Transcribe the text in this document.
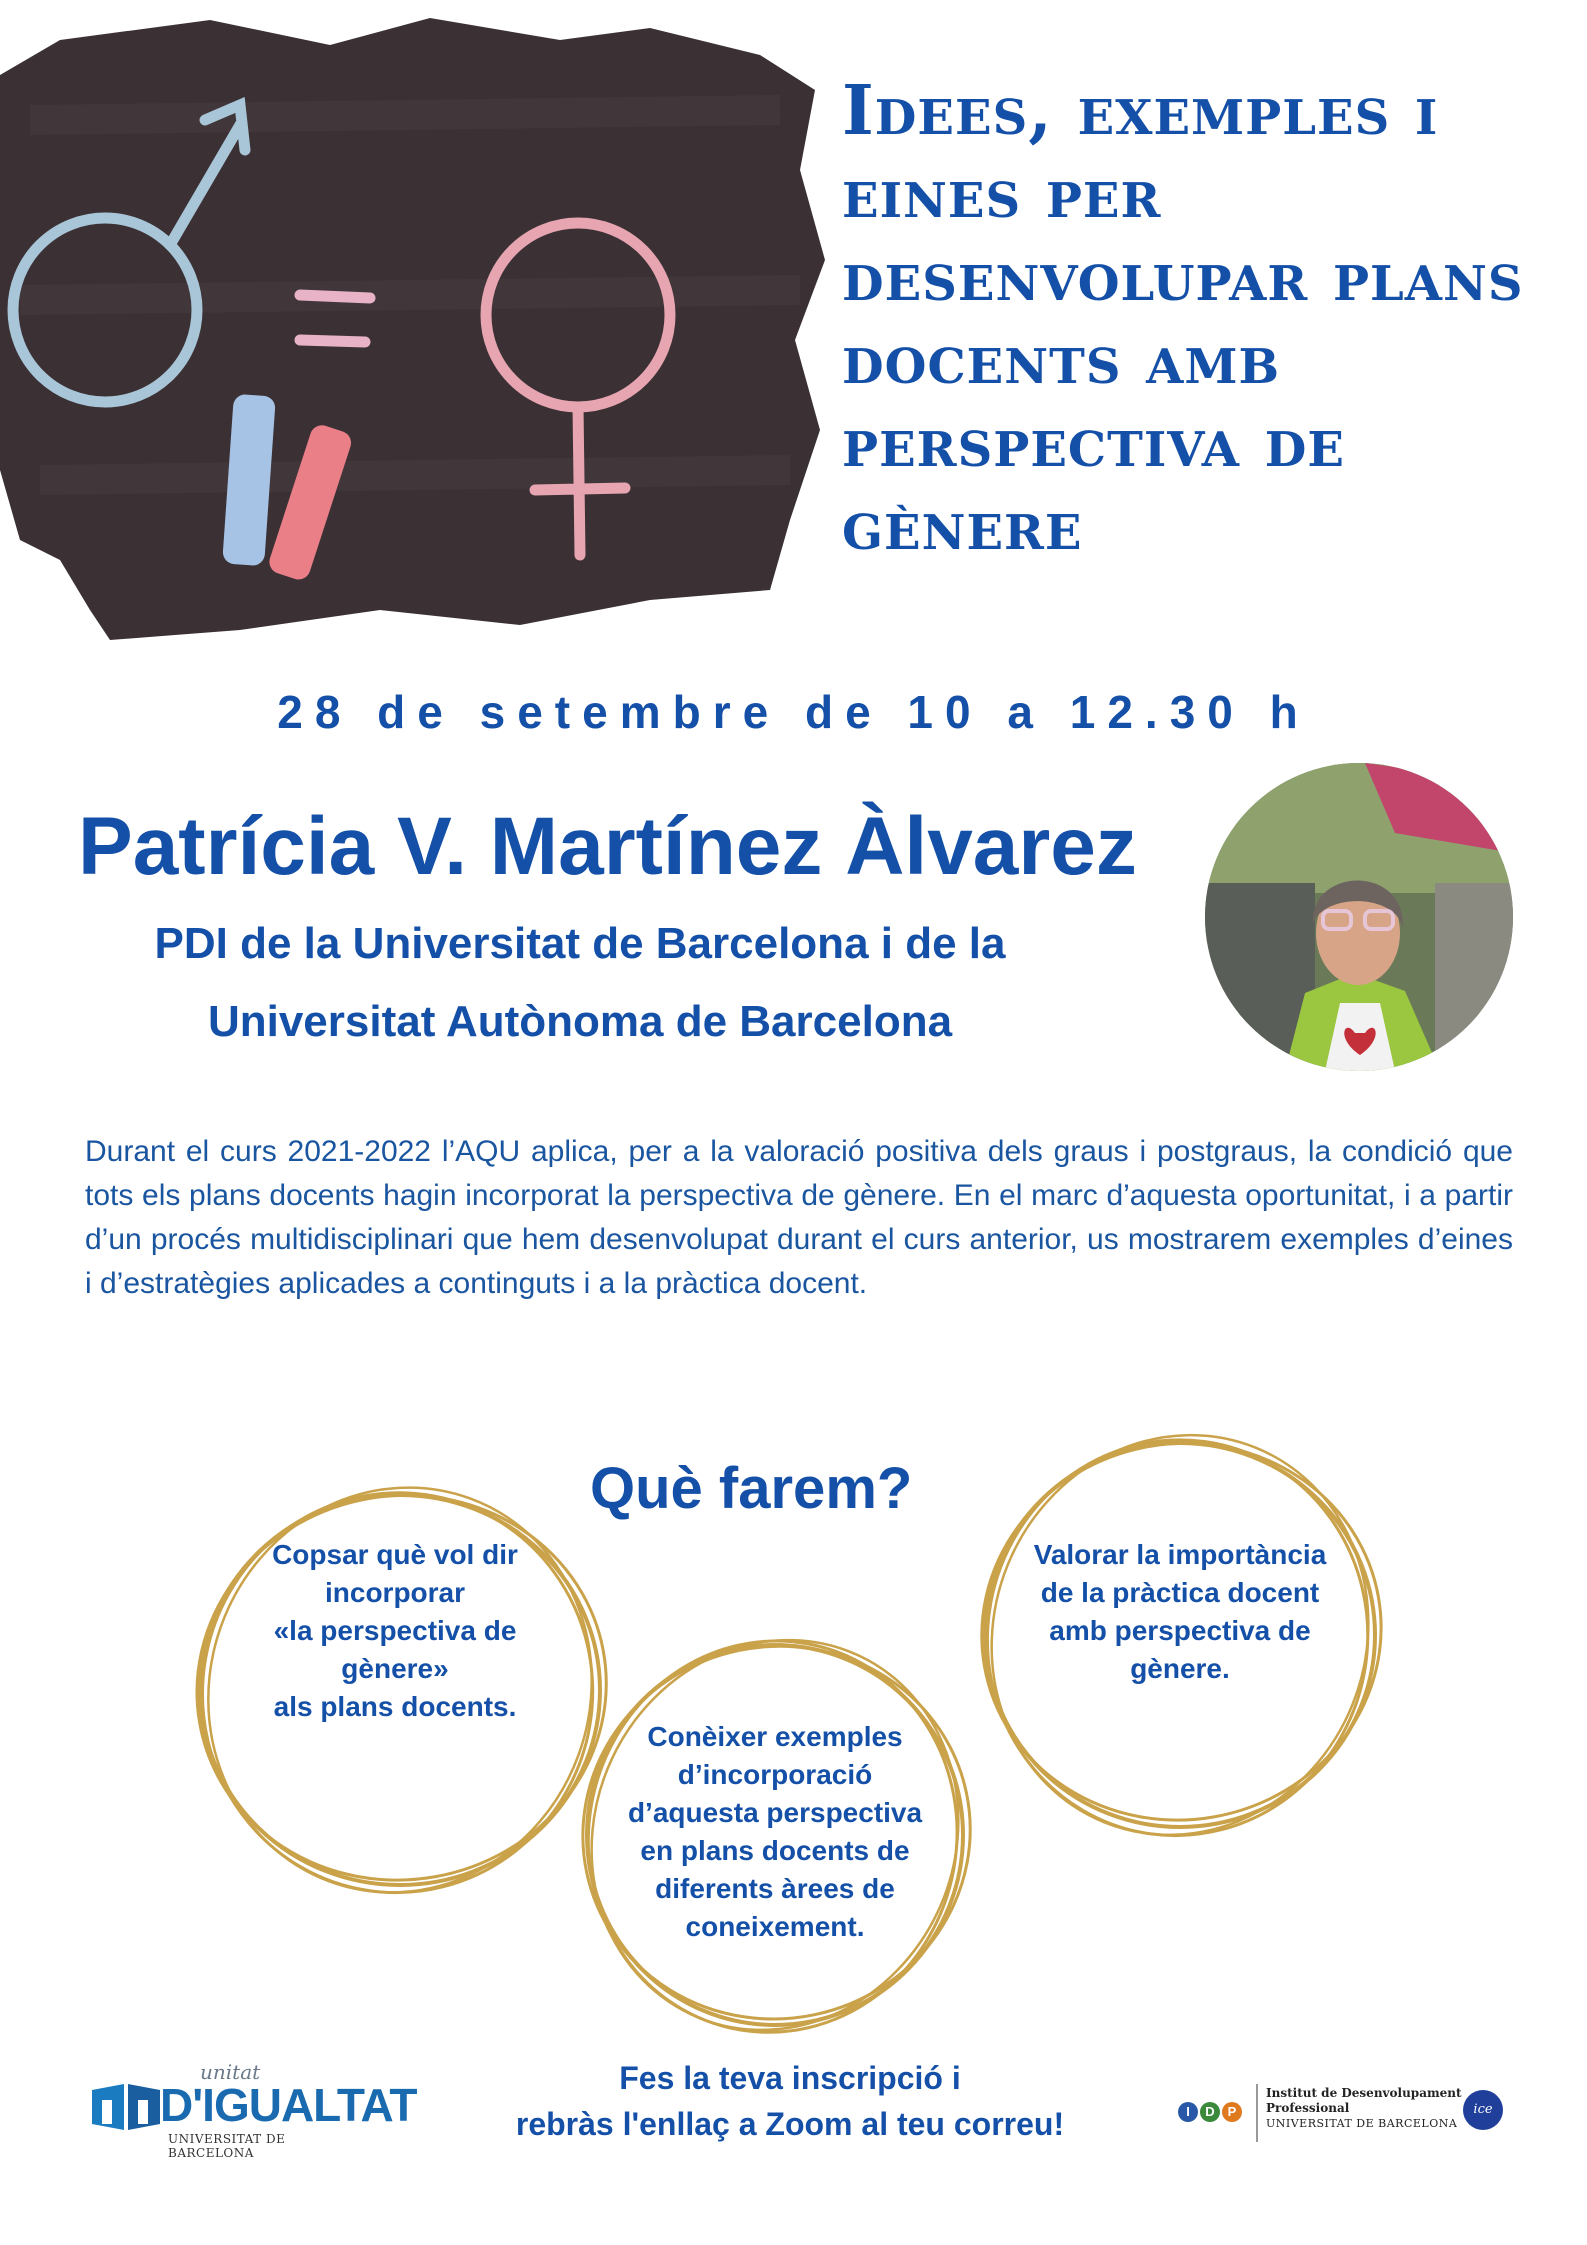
Idees, exemples i eines per desenvolupar plans docents amb perspectiva de gènere
28 de setembre de 10 a 12.30 h
Patrícia V. Martínez Àlvarez
PDI de la Universitat de Barcelona i de la
Universitat Autònoma de Barcelona

Durant el curs 2021-2022 l’AQU aplica, per a la valoració positiva dels graus i postgraus, la condició que tots els plans docents hagin incorporat la perspectiva de gènere. En el marc d’aquesta oportunitat, i a partir d’un procés multidisciplinari que hem desenvolupat durant el curs anterior, us mostrarem exemples d’eines i d’estratègies aplicades a continguts i a la pràctica docent.

Què farem?
Copsar què vol dir
incorporar
«la perspectiva de
gènere»
als plans docents.
Conèixer exemples
d’incorporació
d’aquesta perspectiva
en plans docents de
diferents àrees de
coneixement.
Valorar la importància
de la pràctica docent
amb perspectiva de
gènere.
Fes la teva inscripció i
rebràs l'enllaç a Zoom al teu correu!
unitat
D'IGUALTAT
UNIVERSITAT DE BARCELONA
I	D P
Institut de Desenvolupament
Professional
UNIVERSITAT DE BARCELONA
ice
